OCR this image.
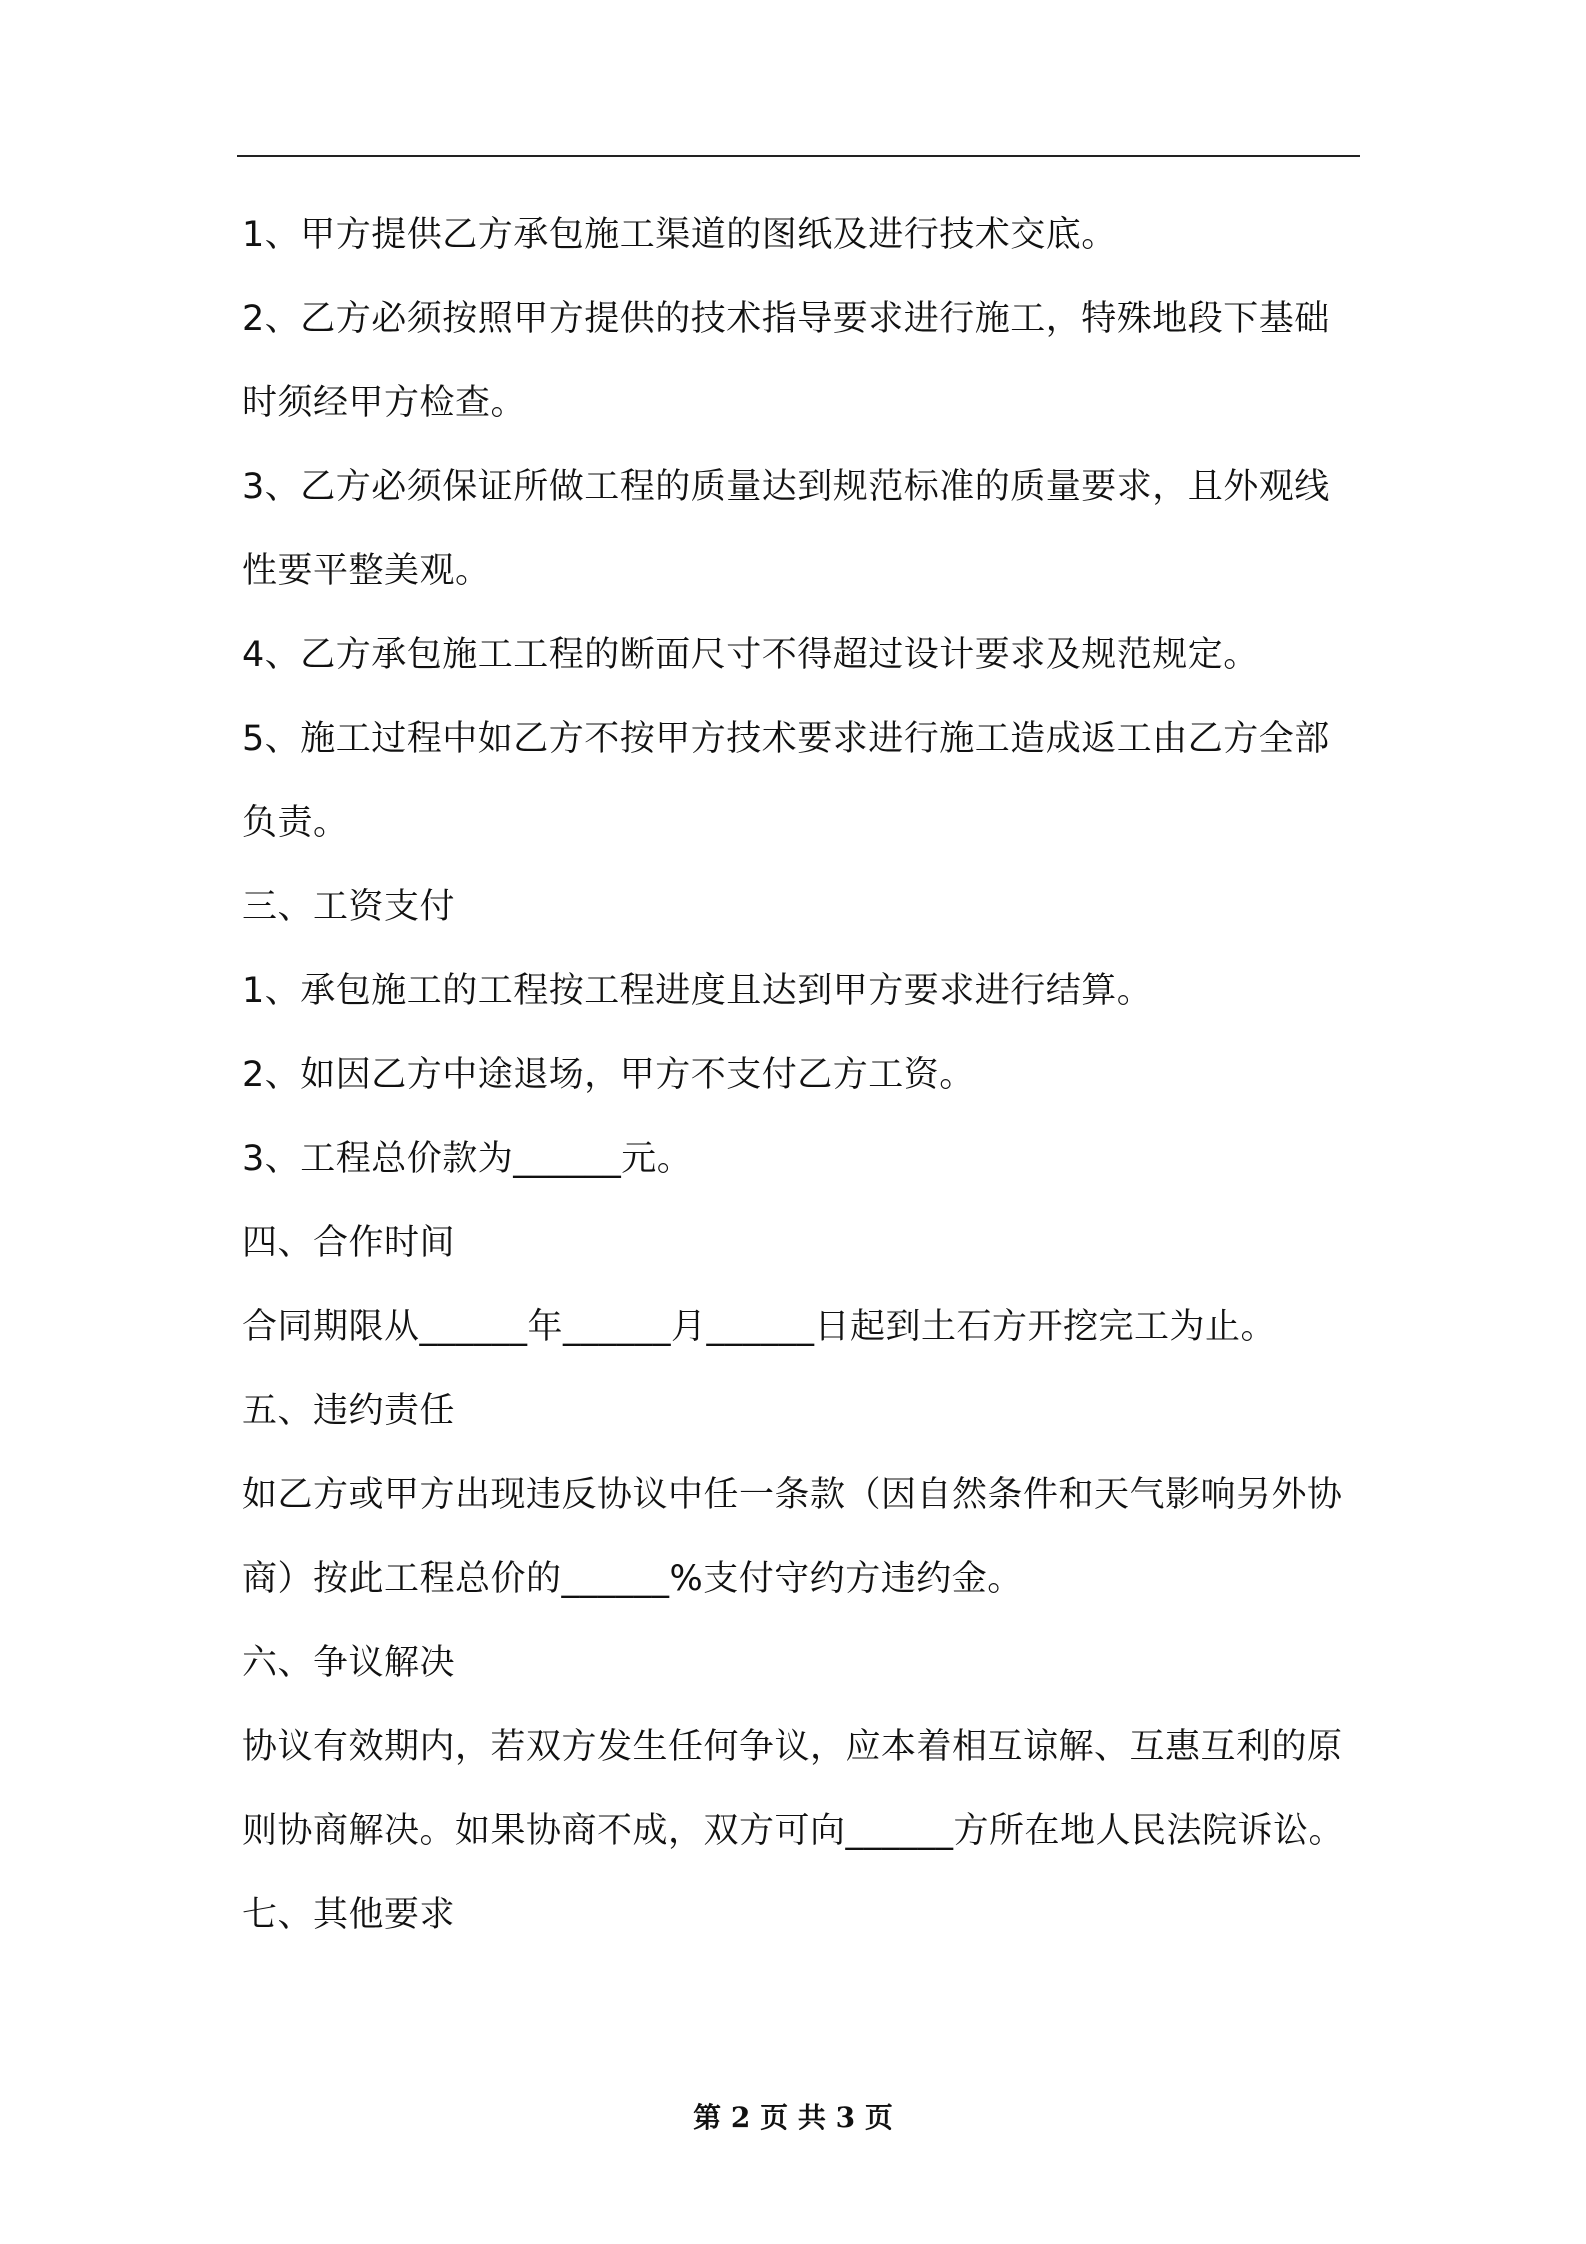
1、甲方提供乙方承包施工渠道的图纸及进行技术交底。

2、乙方必须按照甲方提供的技术指导要求进行施工，特殊地段下基础时须经甲方检查。

3、乙方必须保证所做工程的质量达到规范标准的质量要求，且外观线性要平整美观。

4、乙方承包施工工程的断面尺寸不得超过设计要求及规范规定。

5、施工过程中如乙方不按甲方技术要求进行施工造成返工由乙方全部负责。

三、工资支付

1、承包施工的工程按工程进度且达到甲方要求进行结算。

2、如因乙方中途退场，甲方不支付乙方工资。

3、工程总价款为______元。

四、合作时间

合同期限从______年______月______日起到土石方开挖完工为止。

五、违约责任

如乙方或甲方出现违反协议中任一条款（因自然条件和天气影响另外协商）按此工程总价的______%支付守约方违约金。

六、争议解决

协议有效期内，若双方发生任何争议，应本着相互谅解、互惠互利的原则协商解决。如果协商不成，双方可向______方所在地人民法院诉讼。

七、其他要求

第 2 页 共 3 页
